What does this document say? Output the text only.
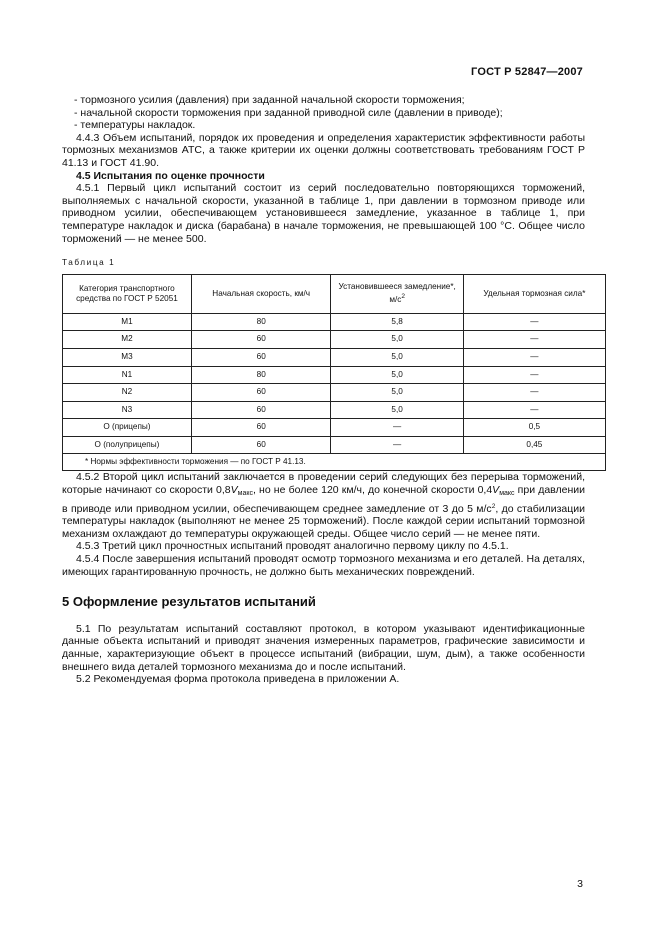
ГОСТ Р 52847—2007

- тормозного усилия (давления) при заданной начальной скорости торможения;

- начальной скорости торможения при заданной приводной силе (давлении в приводе);

- температуры накладок.

4.4.3 Объем испытаний, порядок их проведения и определения характеристик эффективности работы тормозных механизмов АТС, а также критерии их оценки должны соответствовать требованиям ГОСТ Р 41.13 и ГОСТ 41.90.

4.5 Испытания по оценке прочности

4.5.1 Первый цикл испытаний состоит из серий последовательно повторяющихся торможений, выполняемых с начальной скорости, указанной в таблице 1, при давлении в тормозном приводе или приводном усилии, обеспечивающем установившееся замедление, указанное в таблице 1, при температуре накладок и диска (барабана) в начале торможения, не превышающей 100 °С. Общее число торможений — не менее 500.

Таблица 1
Категория транспортного средства по ГОСТ Р 52051	Начальная скорость, км/ч	Установившееся замедление*, $м/с^2$	Удельная тормозная сила*
М1	80	5,8	—
М2	60	5,0	—
М3	60	5,0	—
N1	80	5,0	—
N2	60	5,0	—
N3	60	5,0	—
О (прицепы)	60	—	0,5
О (полуприцепы)	60	—	0,45
* Нормы эффективности торможения — по ГОСТ Р 41.13.			

4.5.2 Второй цикл испытаний заключается в проведении серий следующих без перерыва торможений, которые начинают со скорости $0,8V_{макс}$, но не более 120 км/ч, до конечной скорости $0,4V_{макс}$ при давлении в приводе или приводном усилии, обеспечивающем среднее замедление от 3 до 5 $м/с^2$, до стабилизации температуры накладок (выполняют не менее 25 торможений). После каждой серии испытаний тормозной механизм охлаждают до температуры окружающей среды. Общее число серий — не менее пяти.

4.5.3 Третий цикл прочностных испытаний проводят аналогично первому циклу по 4.5.1.

4.5.4 После завершения испытаний проводят осмотр тормозного механизма и его деталей. На деталях, имеющих гарантированную прочность, не должно быть механических повреждений.

5 Оформление результатов испытаний

5.1 По результатам испытаний составляют протокол, в котором указывают идентификационные данные объекта испытаний и приводят значения измеренных параметров, графические зависимости и данные, характеризующие объект в процессе испытаний (вибрации, шум, дым), а также особенности внешнего вида деталей тормозного механизма до и после испытаний.

5.2 Рекомендуемая форма протокола приведена в приложении А.

3
